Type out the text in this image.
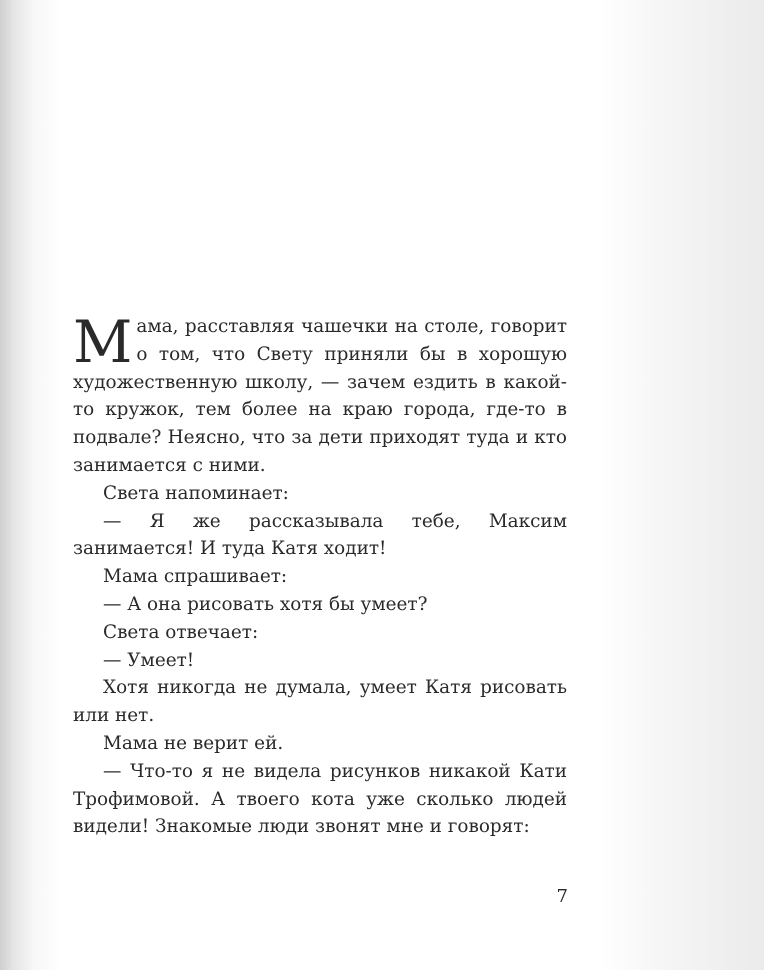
Мама, расставляя чашечки на столе, говорит о том, что Свету приняли бы в хорошую художественную школу, — зачем ездить в какой-то кружок, тем более на краю города, где-то в подвале? Неясно, что за дети приходят туда и кто занимается с ними.

Света напоминает:

— Я же рассказывала тебе, Максим занимается! И туда Катя ходит!

Мама спрашивает:

— А она рисовать хотя бы умеет?

Света отвечает:

— Умеет!

Хотя никогда не думала, умеет Катя рисовать или нет.

Мама не верит ей.

— Что-то я не видела рисунков никакой Кати Трофимовой. А твоего кота уже сколько людей видели! Знакомые люди звонят мне и говорят:

7
